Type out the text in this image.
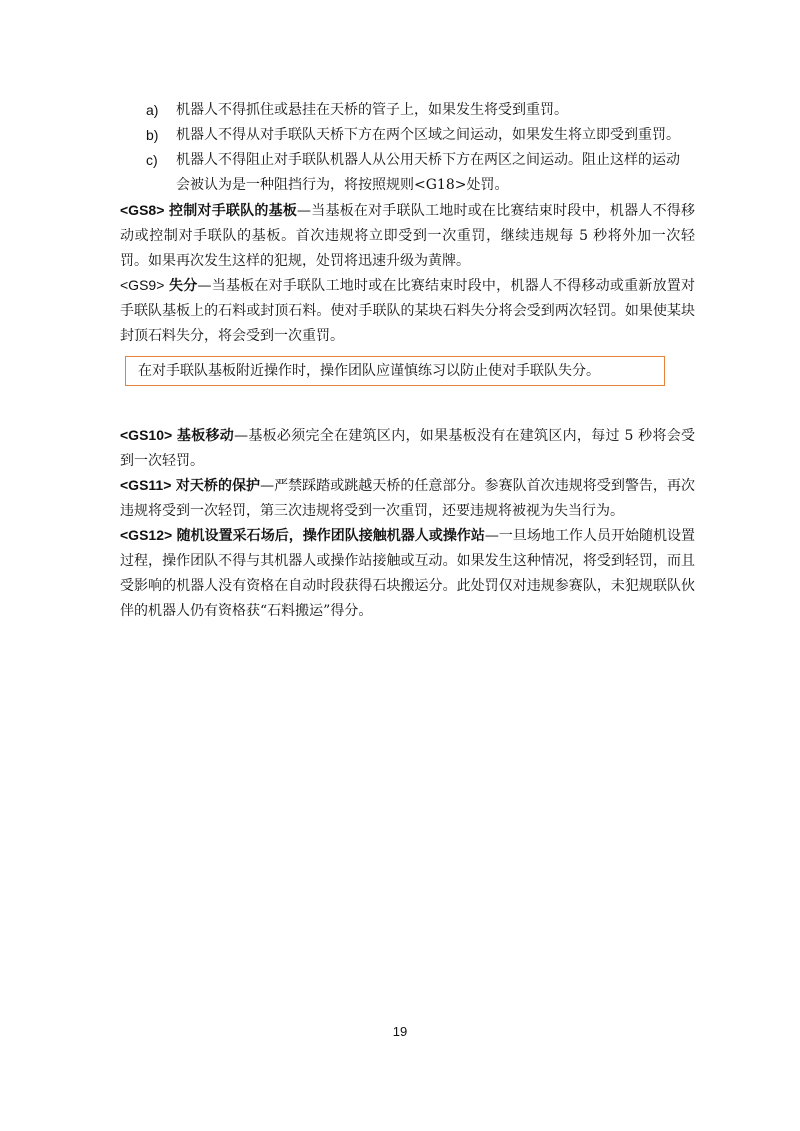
a) 机器人不得抓住或悬挂在天桥的管子上，如果发生将受到重罚。
b) 机器人不得从对手联队天桥下方在两个区域之间运动，如果发生将立即受到重罚。
c) 机器人不得阻止对手联队机器人从公用天桥下方在两区之间运动。阻止这样的运动会被认为是一种阻挡行为，将按照规则<G18>处罚。
<GS8> 控制对手联队的基板—当基板在对手联队工地时或在比赛结束时段中，机器人不得移动或控制对手联队的基板。首次违规将立即受到一次重罚，继续违规每 5 秒将外加一次轻罚。如果再次发生这样的犯规，处罚将迅速升级为黄牌。
<GS9> 失分—当基板在对手联队工地时或在比赛结束时段中，机器人不得移动或重新放置对手联队基板上的石料或封顶石料。使对手联队的某块石料失分将会受到两次轻罚。如果使某块封顶石料失分，将会受到一次重罚。
在对手联队基板附近操作时，操作团队应谨慎练习以防止使对手联队失分。
<GS10> 基板移动—基板必须完全在建筑区内，如果基板没有在建筑区内，每过 5 秒将会受到一次轻罚。
<GS11> 对天桥的保护—严禁踩踏或跳越天桥的任意部分。参赛队首次违规将受到警告，再次违规将受到一次轻罚，第三次违规将受到一次重罚，还要违规将被视为失当行为。
<GS12> 随机设置采石场后，操作团队接触机器人或操作站—一旦场地工作人员开始随机设置过程，操作团队不得与其机器人或操作站接触或互动。如果发生这种情况，将受到轻罚，而且受影响的机器人没有资格在自动时段获得石块搬运分。此处罚仅对违规参赛队，未犯规联队伙伴的机器人仍有资格获“石料搬运”得分。
19
